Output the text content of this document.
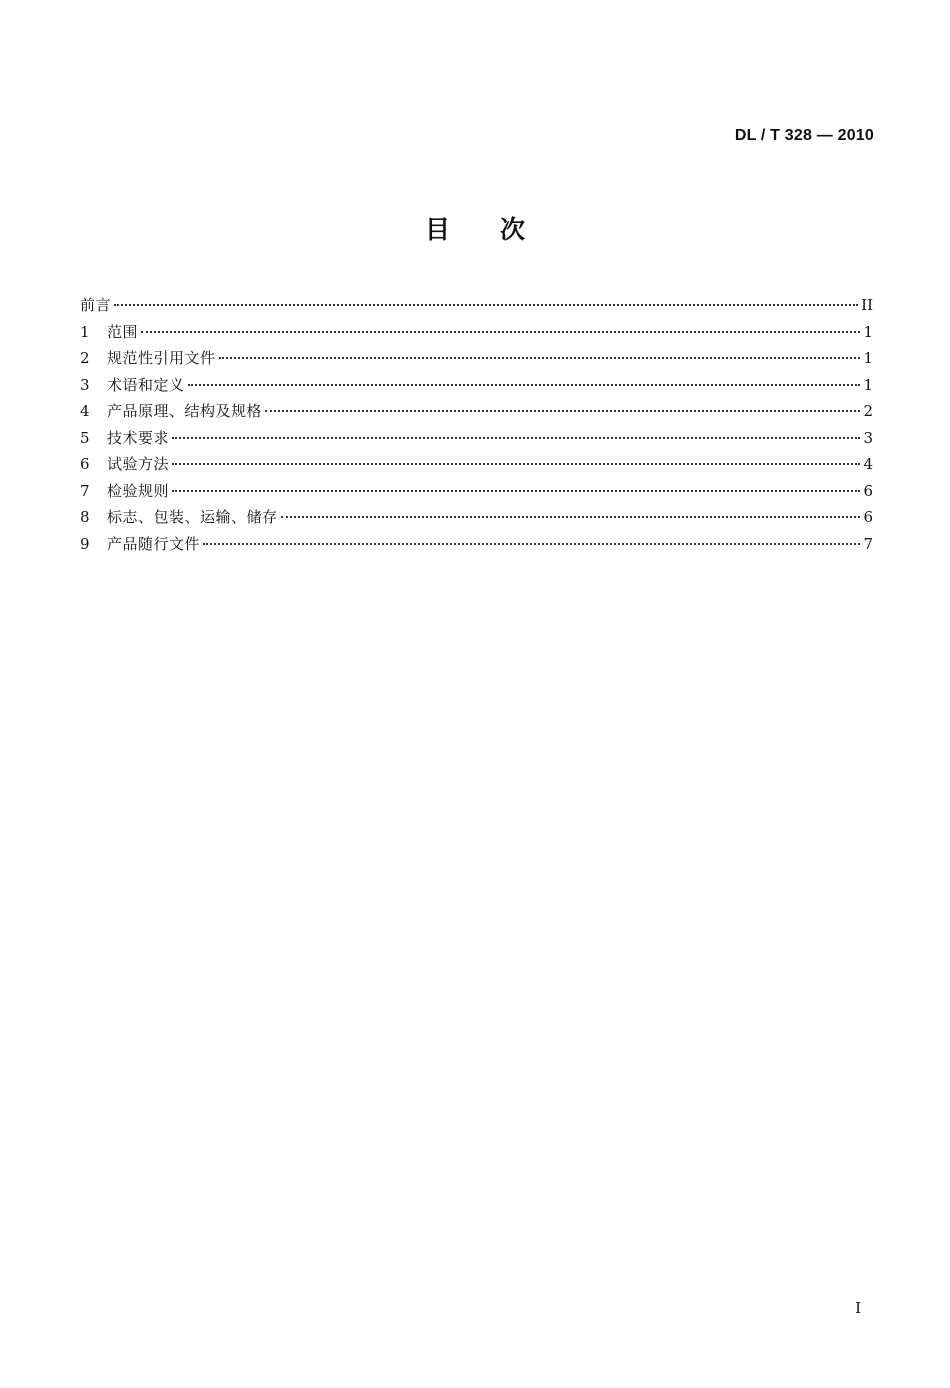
DL / T 328 — 2010
目次
前言	II
1	范围	1
2	规范性引用文件	1
3	术语和定义	1
4	产品原理、结构及规格	2
5	技术要求	3
6	试验方法	4
7	检验规则	6
8	标志、包装、运输、储存	6
9	产品随行文件	7
I
